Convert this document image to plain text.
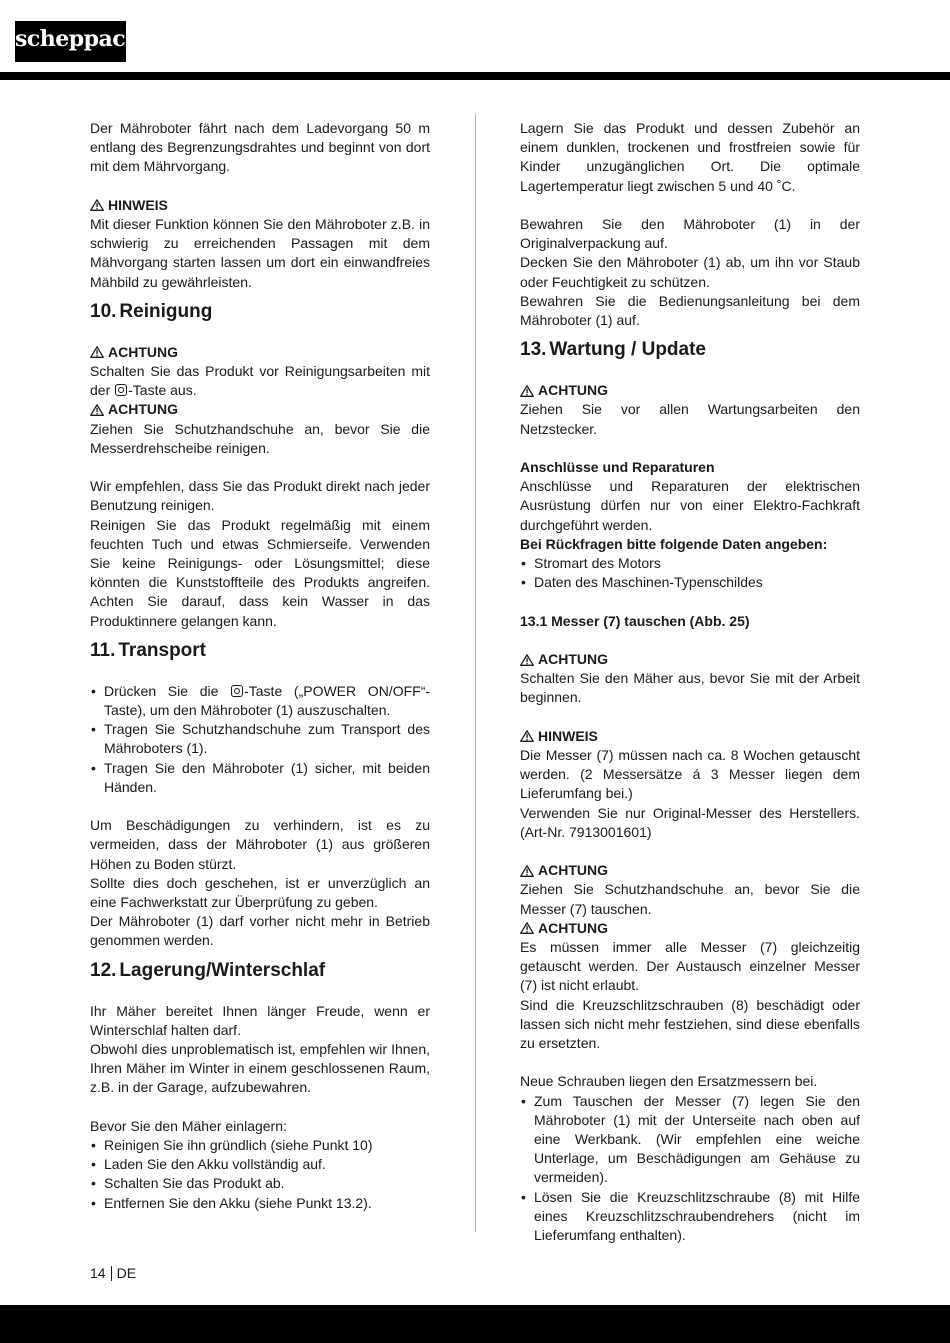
scheppach

Der Mähroboter fährt nach dem Ladevorgang 50 m entlang des Begrenzungsdrahtes und beginnt von dort mit dem Mährvorgang.

HINWEIS

Mit dieser Funktion können Sie den Mähroboter z.B. in schwierig zu erreichenden Passagen mit dem Mähvorgang starten lassen um dort ein einwandfreies Mähbild zu gewährleisten.

10. Reinigung
ACHTUNG

Schalten Sie das Produkt vor Reinigungsarbeiten mit der -Taste aus.

ACHTUNG

Ziehen Sie Schutzhandschuhe an, bevor Sie die Messerdrehscheibe reinigen.

Wir empfehlen, dass Sie das Produkt direkt nach jeder Benutzung reinigen.

Reinigen Sie das Produkt regelmäßig mit einem feuchten Tuch und etwas Schmierseife. Verwenden Sie keine Reinigungs- oder Lösungsmittel; diese könnten die Kunststoffteile des Produkts angreifen. Achten Sie darauf, dass kein Wasser in das Produktinnere gelangen kann.

11. Transport
• Drücken Sie die -Taste („POWER ON/OFF“-Taste), um den Mähroboter (1) auszuschalten.
• Tragen Sie Schutzhandschuhe zum Transport des Mähroboters (1).
• Tragen Sie den Mähroboter (1) sicher, mit beiden Händen.

Um Beschädigungen zu verhindern, ist es zu vermeiden, dass der Mähroboter (1) aus größeren Höhen zu Boden stürzt.

Sollte dies doch geschehen, ist er unverzüglich an eine Fachwerkstatt zur Überprüfung zu geben.

Der Mähroboter (1) darf vorher nicht mehr in Betrieb genommen werden.

12. Lagerung/Winterschlaf

Ihr Mäher bereitet Ihnen länger Freude, wenn er Winterschlaf halten darf.

Obwohl dies unproblematisch ist, empfehlen wir Ihnen, Ihren Mäher im Winter in einem geschlossenen Raum, z.B. in der Garage, aufzubewahren.

Bevor Sie den Mäher einlagern:

• Reinigen Sie ihn gründlich (siehe Punkt 10)
• Laden Sie den Akku vollständig auf.
• Schalten Sie das Produkt ab.
• Entfernen Sie den Akku (siehe Punkt 13.2).

Lagern Sie das Produkt und dessen Zubehör an einem dunklen, trockenen und frostfreien sowie für Kinder unzugänglichen Ort. Die optimale Lagertemperatur liegt zwischen 5 und 40 ˚C.

Bewahren Sie den Mähroboter (1) in der Originalverpackung auf.

Decken Sie den Mähroboter (1) ab, um ihn vor Staub oder Feuchtigkeit zu schützen.

Bewahren Sie die Bedienungsanleitung bei dem Mähroboter (1) auf.

13. Wartung / Update
ACHTUNG

Ziehen Sie vor allen Wartungsarbeiten den Netzstecker.

Anschlüsse und Reparaturen

Anschlüsse und Reparaturen der elektrischen Ausrüstung dürfen nur von einer Elektro-Fachkraft durchgeführt werden.

Bei Rückfragen bitte folgende Daten angeben:

• Stromart des Motors
• Daten des Maschinen-Typenschildes

13.1 Messer (7) tauschen (Abb. 25)

ACHTUNG

Schalten Sie den Mäher aus, bevor Sie mit der Arbeit beginnen.

HINWEIS

Die Messer (7) müssen nach ca. 8 Wochen getauscht werden. (2 Messersätze á 3 Messer liegen dem Lieferumfang bei.)

Verwenden Sie nur Original-Messer des Herstellers. (Art-Nr. 7913001601)

ACHTUNG

Ziehen Sie Schutzhandschuhe an, bevor Sie die Messer (7) tauschen.

ACHTUNG

Es müssen immer alle Messer (7) gleichzeitig getauscht werden. Der Austausch einzelner Messer (7) ist nicht erlaubt.

Sind die Kreuzschlitzschrauben (8) beschädigt oder lassen sich nicht mehr festziehen, sind diese ebenfalls zu ersetzten.

Neue Schrauben liegen den Ersatzmessern bei.

• Zum Tauschen der Messer (7) legen Sie den Mähroboter (1) mit der Unterseite nach oben auf eine Werkbank. (Wir empfehlen eine weiche Unterlage, um Beschädigungen am Gehäuse zu vermeiden).
• Lösen Sie die Kreuzschlitzschraube (8) mit Hilfe eines Kreuzschlitzschraubendrehers (nicht im Lieferumfang enthalten).
14 DE
